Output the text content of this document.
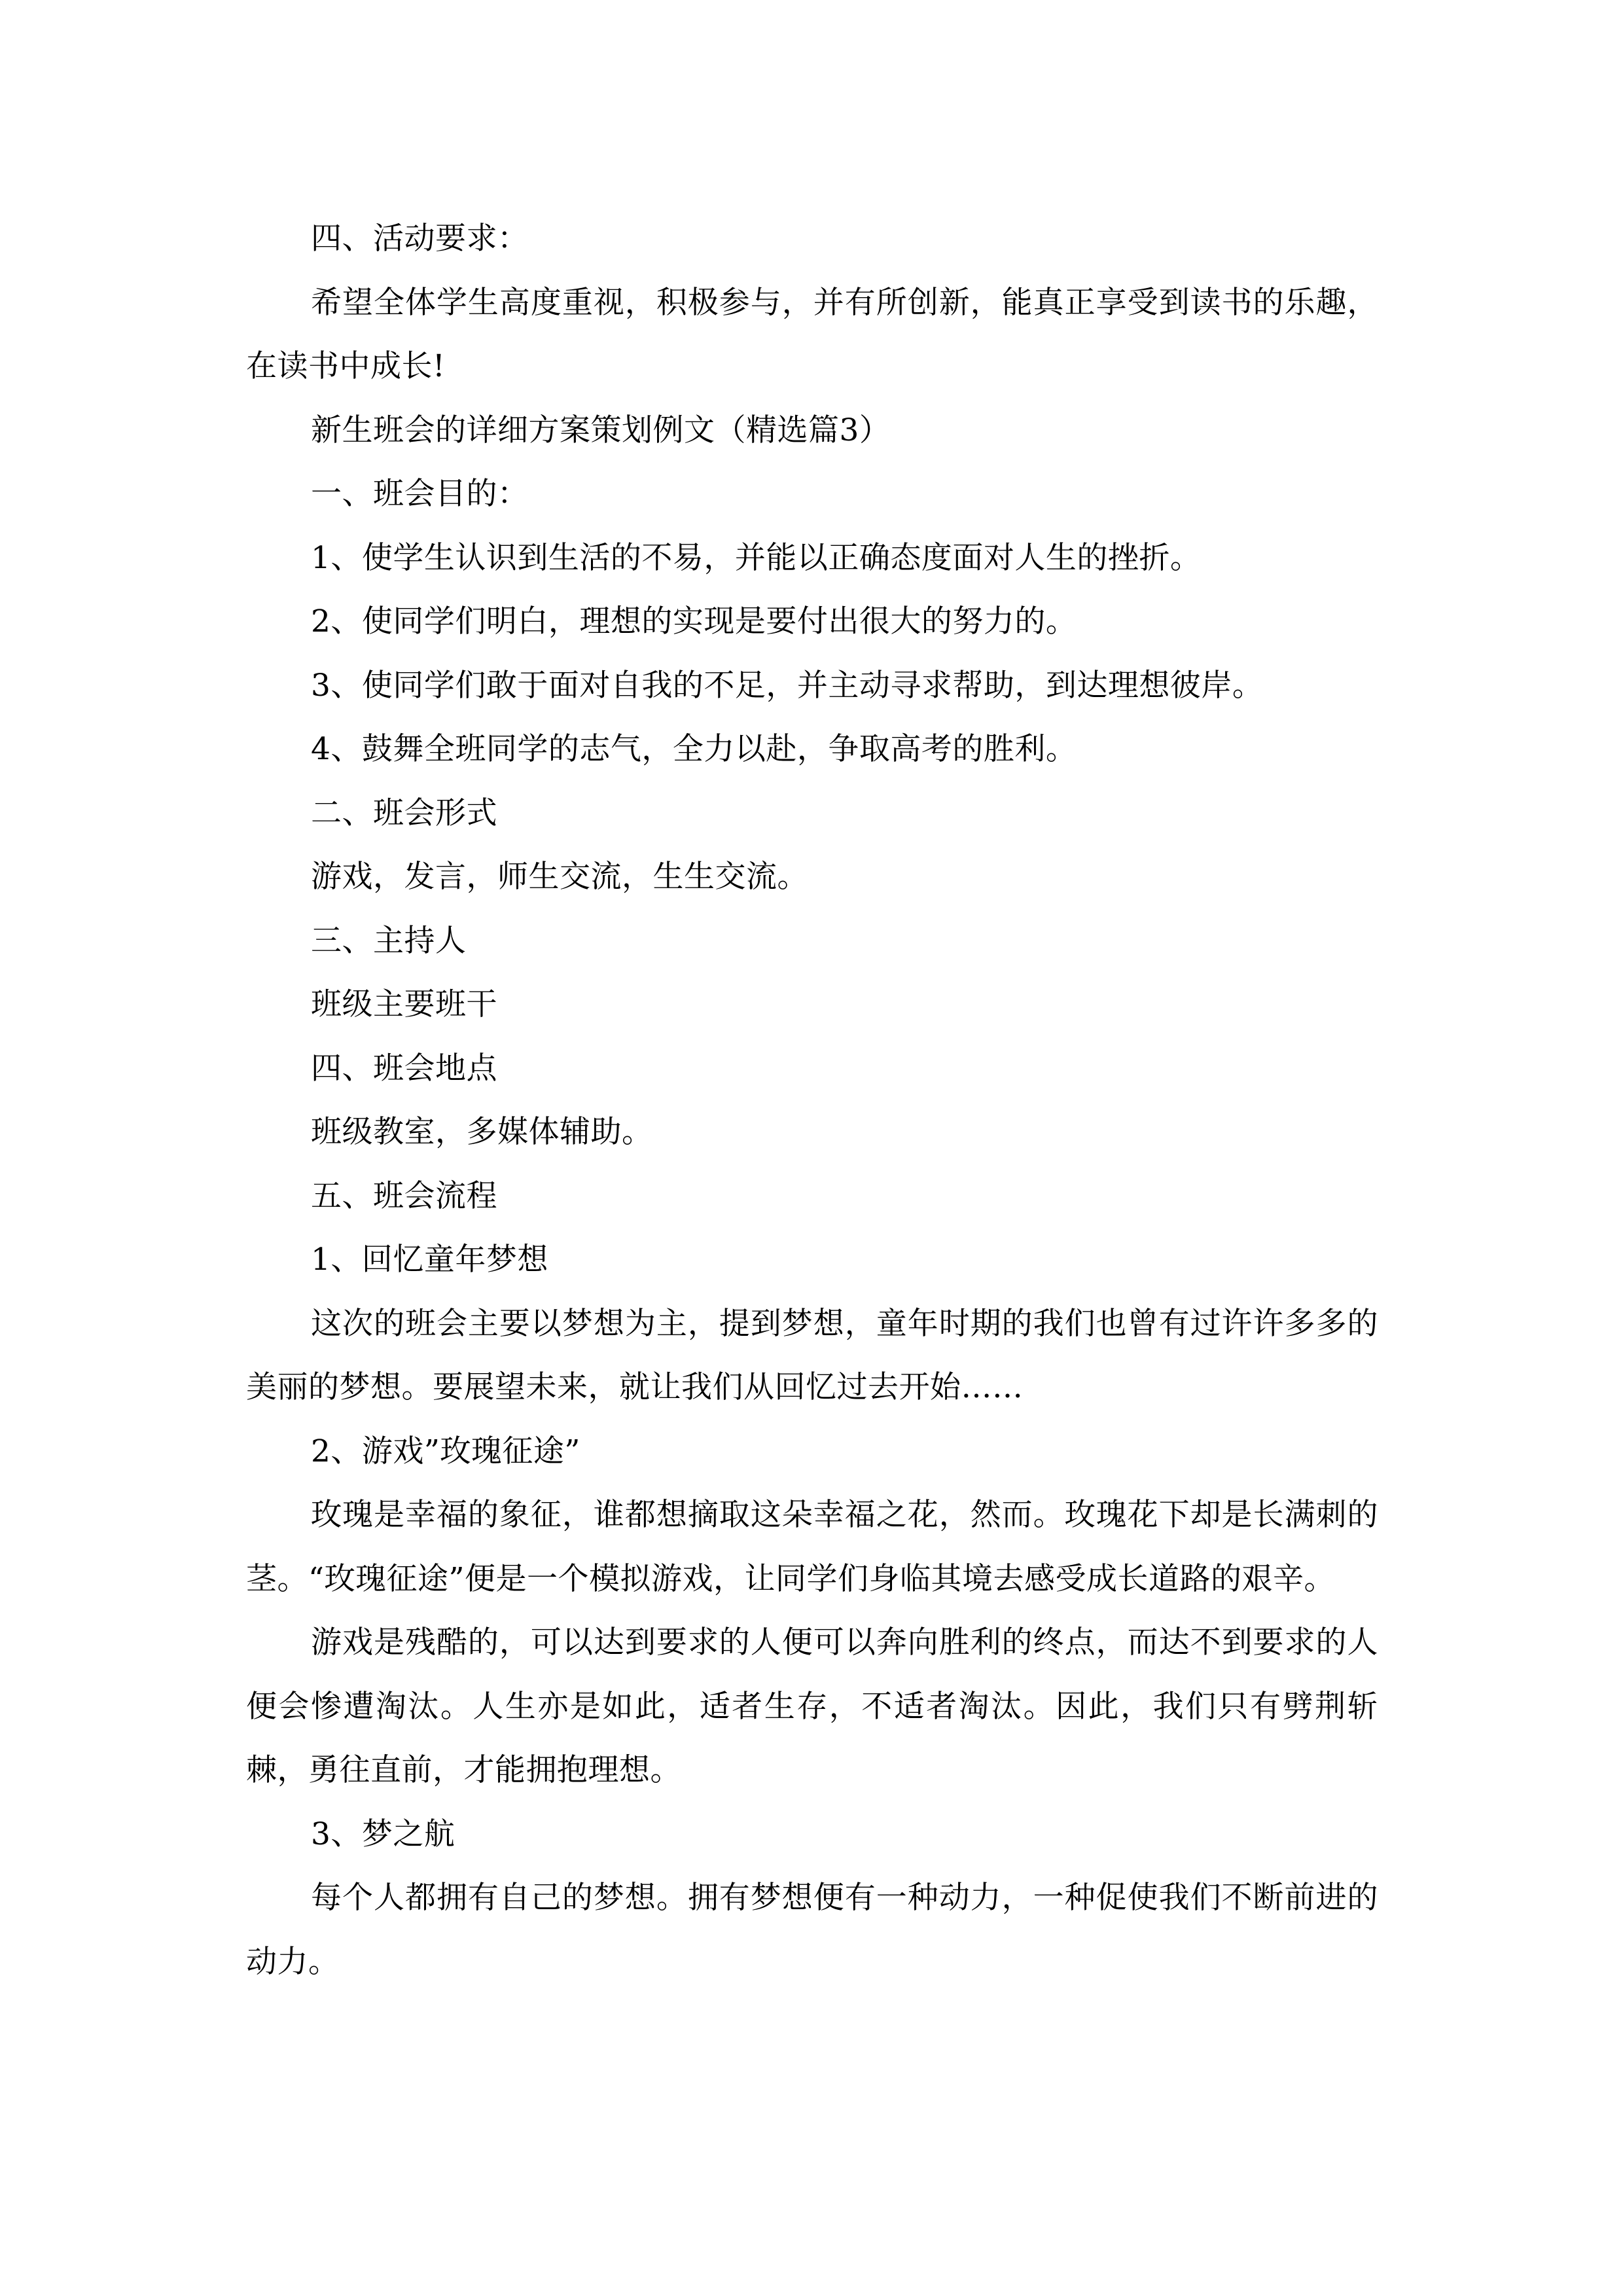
四、活动要求：

希望全体学生高度重视，积极参与，并有所创新，能真正享受到读书的乐趣，在读书中成长!

新生班会的详细方案策划例文（精选篇3）

一、班会目的：

1、使学生认识到生活的不易，并能以正确态度面对人生的挫折。

2、使同学们明白，理想的实现是要付出很大的努力的。

3、使同学们敢于面对自我的不足，并主动寻求帮助，到达理想彼岸。

4、鼓舞全班同学的志气，全力以赴，争取高考的胜利。

二、班会形式

游戏，发言，师生交流，生生交流。

三、主持人

班级主要班干

四、班会地点

班级教室，多媒体辅助。

五、班会流程

1、回忆童年梦想

这次的班会主要以梦想为主，提到梦想，童年时期的我们也曾有过许许多多的美丽的梦想。要展望未来，就让我们从回忆过去开始……

2、游戏”玫瑰征途”

玫瑰是幸福的象征，谁都想摘取这朵幸福之花，然而。玫瑰花下却是长满刺的茎。“玫瑰征途”便是一个模拟游戏，让同学们身临其境去感受成长道路的艰辛。

游戏是残酷的，可以达到要求的人便可以奔向胜利的终点，而达不到要求的人便会惨遭淘汰。人生亦是如此，适者生存，不适者淘汰。因此，我们只有劈荆斩棘，勇往直前，才能拥抱理想。

3、梦之航

每个人都拥有自己的梦想。拥有梦想便有一种动力，一种促使我们不断前进的动力。
